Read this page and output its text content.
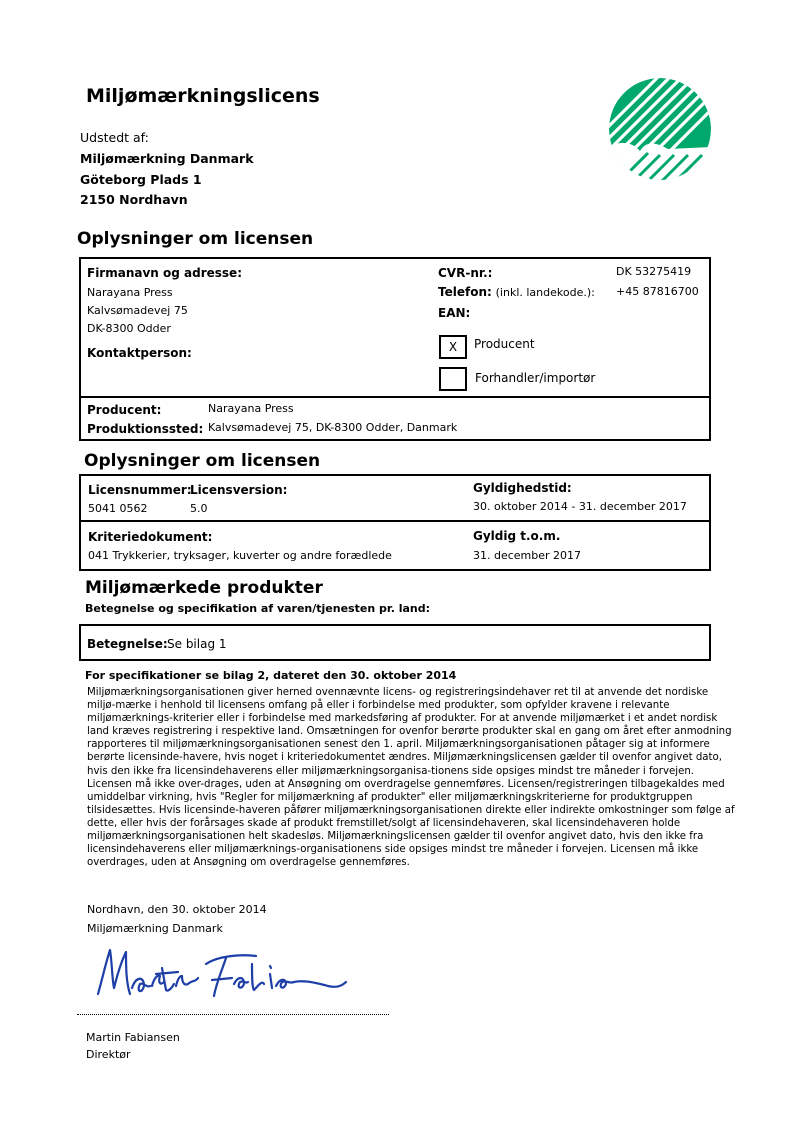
Miljømærkningslicens
Udstedt af:
Miljømærkning Danmark
Göteborg Plads 1
2150 Nordhavn
Oplysninger om licensen
Firmanavn og adresse:
Narayana Press
Kalvsømadevej 75
DK-8300 Odder
Kontaktperson:
CVR-nr.:	DK 53275419
Telefon: (inkl. landekode.): +45 87816700
EAN:
X	Producent
Forhandler/importør
Producent:	Narayana Press
Produktionssted: Kalvsømadevej 75, DK-8300 Odder, Danmark
Oplysninger om licensen
Licensnummer:
5041 0562
Licensversion:
5.0
Gyldighedstid:
30. oktober 2014 - 31. december 2017
Kriteriedokument:
041 Trykkerier, tryksager, kuverter og andre forædlede
Gyldig t.o.m.
31. december 2017
Miljømærkede produkter
Betegnelse og specifikation af varen/tjenesten pr. land:
Betegnelse: Se bilag 1
For specifikationer se bilag 2, dateret den 30. oktober 2014
Miljømærkningsorganisationen giver herned ovennævnte licens- og registreringsindehaver ret til at anvende det nordiske
miljø-mærke i henhold til licensens omfang på eller i forbindelse med produkter, som opfylder kravene i relevante
miljømærknings-kriterier eller i forbindelse med markedsføring af produkter. For at anvende miljømærket i et andet nordisk
land kræves registrering i respektive land. Omsætningen for ovenfor berørte produkter skal en gang om året efter anmodning
rapporteres til miljømærkningsorganisationen senest den 1. april. Miljømærkningsorganisationen påtager sig at informere
berørte licensinde-havere, hvis noget i kriteriedokumentet ændres. Miljømærkningslicensen gælder til ovenfor angivet dato,
hvis den ikke fra licensindehaverens eller miljømærkningsorganisa-tionens side opsiges mindst tre måneder i forvejen.
Licensen må ikke over-drages, uden at Ansøgning om overdragelse gennemføres. Licensen/registreringen tilbagekaldes med
umiddelbar virkning, hvis "Regler for miljømærkning af produkter" eller miljømærkningskriterierne for produktgruppen
tilsidesættes. Hvis licensinde-haveren påfører miljømærkningsorganisationen direkte eller indirekte omkostninger som følge af
dette, eller hvis der forårsages skade af produkt fremstillet/solgt af licensindehaveren, skal licensindehaveren holde
miljømærkningsorganisationen helt skadesløs. Miljømærkningslicensen gælder til ovenfor angivet dato, hvis den ikke fra
licensindehaverens eller miljømærknings-organisationens side opsiges mindst tre måneder i forvejen. Licensen må ikke
overdrages, uden at Ansøgning om overdragelse gennemføres.
Nordhavn, den 30. oktober 2014
Miljømærkning Danmark
Martin Fabiansen
Direktør
